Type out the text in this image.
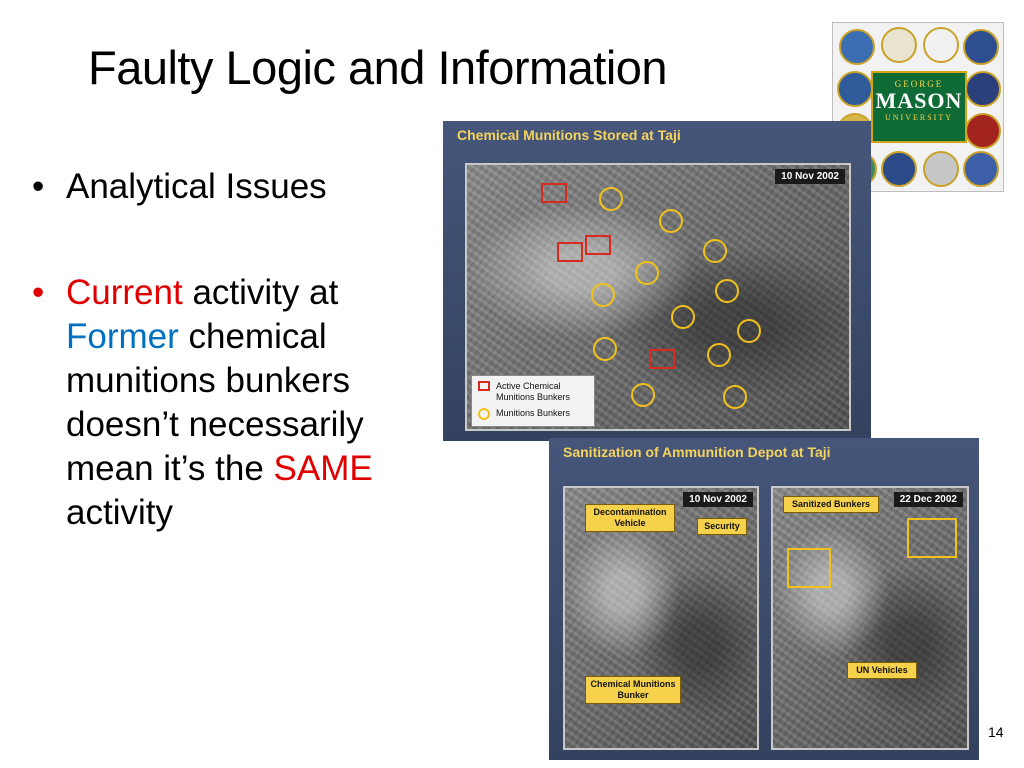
Faulty Logic and Information
• Analytical Issues
• Current activity at Former chemical munitions bunkers doesn’t necessarily mean it’s the SAME activity
GEORGE
MASON
UNIVERSITY
Chemical Munitions Stored at Taji
10 Nov 2002
Active Chemical Munitions Bunkers
Munitions Bunkers
Sanitization of Ammunition Depot at Taji
10 Nov 2002
Decontamination Vehicle	Security
Chemical Munitions Bunker
22 Dec 2002
Sanitized Bunkers
UN Vehicles
14
